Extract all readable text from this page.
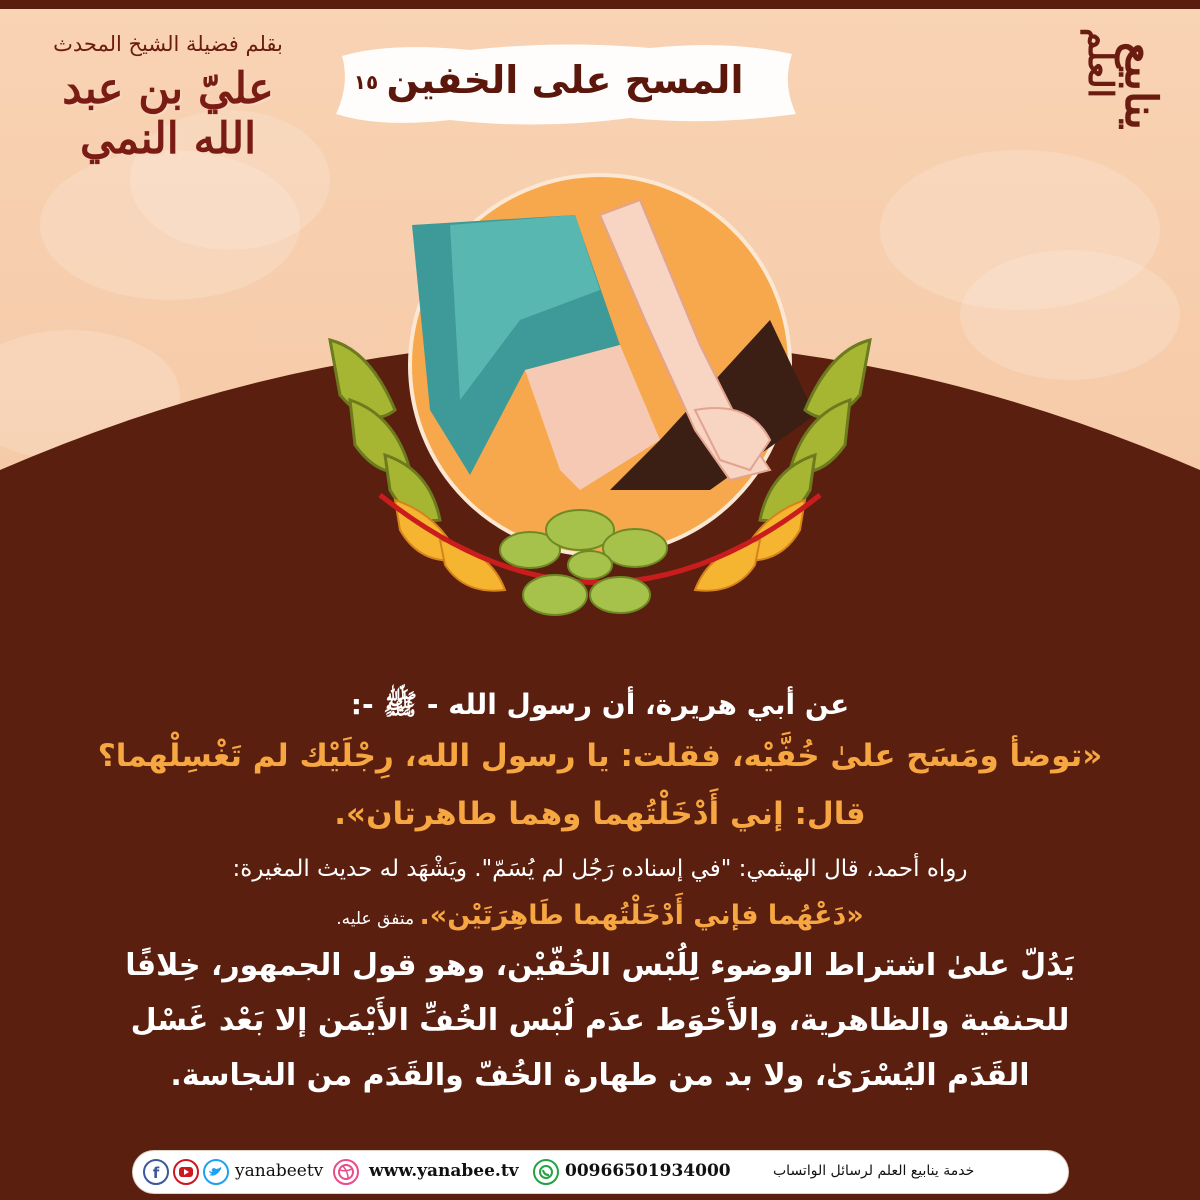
المسح على الخفين
١٥
بقلم فضيلة الشيخ المحدث
عليّ بن عبد الله النمي
ينابيع
العلم
عن أبي هريرة، أن رسول الله - ﷺ -:
«توضأ ومَسَح علىٰ خُفَّيْه، فقلت: يا رسول الله، رِجْلَيْك لم تَغْسِلْهما؟
قال: إني أَدْخَلْتُهما وهما طاهرتان».
رواه أحمد، قال الهيثمي: "في إسناده رَجُل لم يُسَمّ". ويَشْهَد له حديث المغيرة:
«دَعْهُما فإني أَدْخَلْتُهما طَاهِرَتَيْن». متفق عليه.
يَدُلّ علىٰ اشتراط الوضوء لِلُبْس الخُفّيْن، وهو قول الجمهور، خِلافًا
للحنفية والظاهرية، والأَحْوَط عدَم لُبْس الخُفِّ الأَيْمَن إلا بَعْد غَسْل
القَدَم اليُسْرَىٰ، ولا بد من طهارة الخُفّ والقَدَم من النجاسة.
f	yanabeetv	www.yanabee.tv	00966501934000	خدمة ينابيع العلم لرسائل الواتساب
